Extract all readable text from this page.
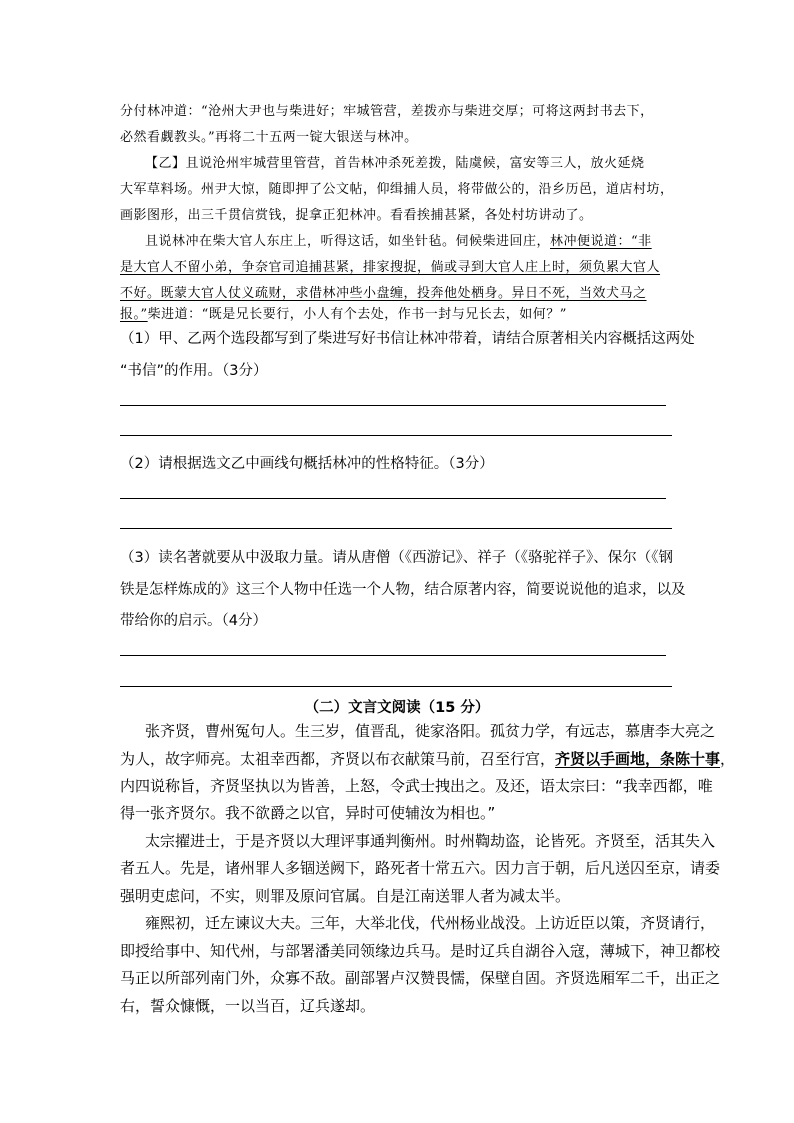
分付林冲道：“沧州大尹也与柴进好；牢城管营，差拨亦与柴进交厚；可将这两封书去下，
必然看觑教头。”再将二十五两一锭大银送与林冲。
【乙】且说沧州牢城营里管营，首告林冲杀死差拨，陆虞候，富安等三人，放火延烧
大军草料场。州尹大惊，随即押了公文帖，仰缉捕人员，将带做公的，沿乡历邑，道店村坊，
画影图形，出三千贯信赏钱，捉拿正犯林冲。看看挨捕甚紧，各处村坊讲动了。
且说林冲在柴大官人东庄上，听得这话，如坐针毡。伺候柴进回庄，林冲便说道：“非
是大官人不留小弟，争奈官司追捕甚紧，排家搜捉，倘或寻到大官人庄上时，须负累大官人
不好。既蒙大官人仗义疏财，求借林冲些小盘缠，投奔他处栖身。异日不死，当效犬马之
报。”柴进道：“既是兄长要行，小人有个去处，作书一封与兄长去，如何？”
（1）甲、乙两个选段都写到了柴进写好书信让林冲带着，请结合原著相关内容概括这两处
“书信”的作用。（3分）
（2）请根据选文乙中画线句概括林冲的性格特征。（3分）
（3）读名著就要从中汲取力量。请从唐僧（《西游记》、祥子（《骆驼祥子》、保尔（《钢
铁是怎样炼成的》这三个人物中任选一个人物，结合原著内容，简要说说他的追求，以及
带给你的启示。（4分）
（二）文言文阅读（15 分）
张齐贤，曹州冤句人。生三岁，值晋乱，徙家洛阳。孤贫力学，有远志，慕唐李大亮之
为人，故字师亮。太祖幸西都，齐贤以布衣献策马前，召至行宫，齐贤以手画地，条陈十事，
内四说称旨，齐贤坚执以为皆善，上怒，令武士拽出之。及还，语太宗曰：“我幸西都，唯
得一张齐贤尔。我不欲爵之以官，异时可使辅汝为相也。”
太宗擢进士，于是齐贤以大理评事通判衡州。时州鞫劫盗，论皆死。齐贤至，活其失入
者五人。先是，诸州罪人多锢送阙下，路死者十常五六。因力言于朝，后凡送囚至京，请委
强明吏虑问，不实，则罪及原问官属。自是江南送罪人者为减太半。
雍熙初，迁左谏议大夫。三年，大举北伐，代州杨业战没。上访近臣以策，齐贤请行，
即授给事中、知代州，与部署潘美同领缘边兵马。是时辽兵自湖谷入寇，薄城下，神卫都校
马正以所部列南门外，众寡不敌。副部署卢汉赞畏懦，保壁自固。齐贤选厢军二千，出正之
右，誓众慷慨，一以当百，辽兵遂却。
